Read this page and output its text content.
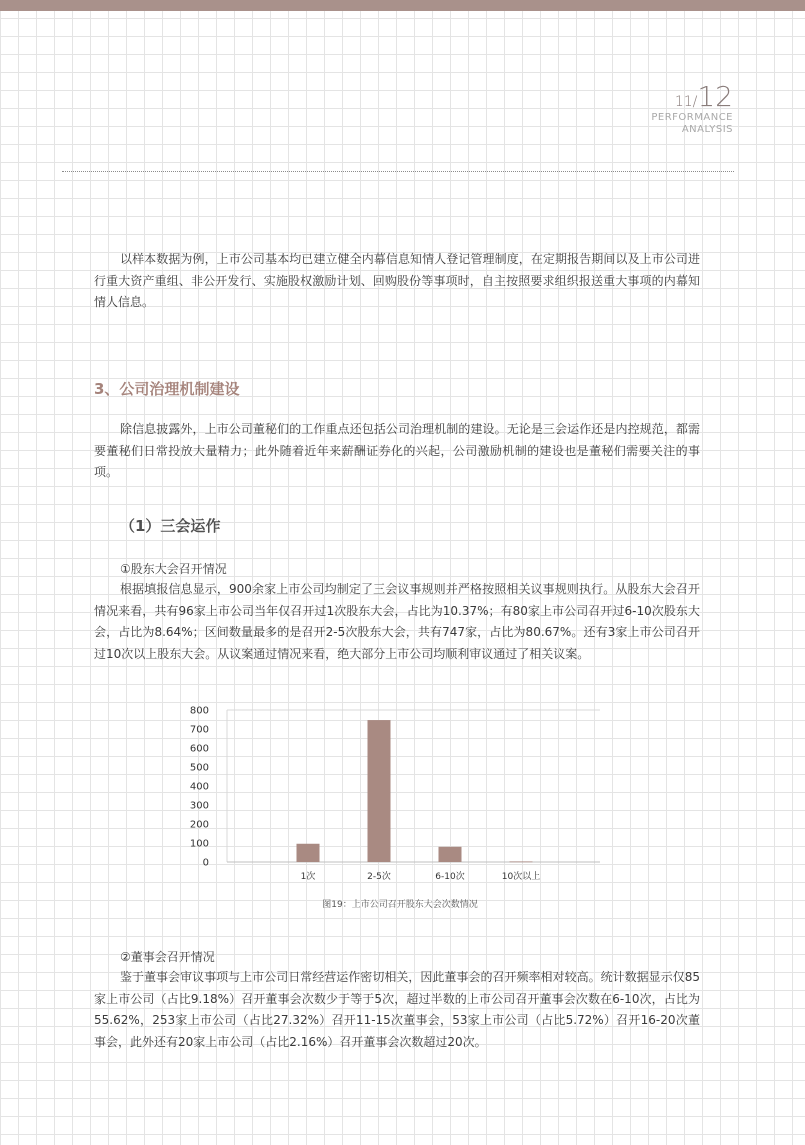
11/12
PERFORMANCE
ANALYSIS

以样本数据为例，上市公司基本均已建立健全内幕信息知情人登记管理制度，在定期报告期间以及上市公司进行重大资产重组、非公开发行、实施股权激励计划、回购股份等事项时，自主按照要求组织报送重大事项的内幕知情人信息。

3、公司治理机制建设

除信息披露外，上市公司董秘们的工作重点还包括公司治理机制的建设。无论是三会运作还是内控规范，都需要董秘们日常投放大量精力；此外随着近年来薪酬证券化的兴起，公司激励机制的建设也是董秘们需要关注的事项。

（1）三会运作
①股东大会召开情况

根据填报信息显示，900余家上市公司均制定了三会议事规则并严格按照相关议事规则执行。从股东大会召开情况来看，共有96家上市公司当年仅召开过1次股东大会，占比为10.37%；有80家上市公司召开过6-10次股东大会，占比为8.64%；区间数量最多的是召开2-5次股东大会，共有747家，占比为80.67%。还有3家上市公司召开过10次以上股东大会。从议案通过情况来看，绝大部分上市公司均顺利审议通过了相关议案。

0
100
200
300
400
500
600
700
800
1次	2-5次	6-10次	10次以上
图19：上市公司召开股东大会次数情况
②董事会召开情况

鉴于董事会审议事项与上市公司日常经营运作密切相关，因此董事会的召开频率相对较高。统计数据显示仅85家上市公司（占比9.18%）召开董事会次数少于等于5次，超过半数的上市公司召开董事会次数在6-10次，占比为55.62%，253家上市公司（占比27.32%）召开11-15次董事会，53家上市公司（占比5.72%）召开16-20次董事会，此外还有20家上市公司（占比2.16%）召开董事会次数超过20次。
